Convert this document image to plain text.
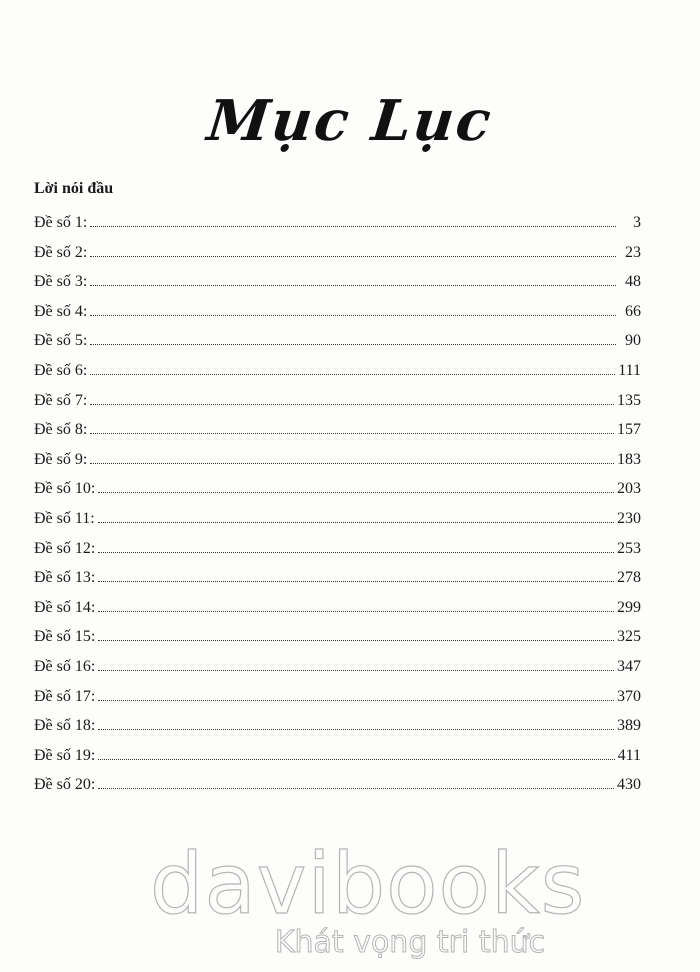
Mục Lục
Lời nói đầu
Đề số 1:	3
Đề số 2:	23
Đề số 3:	48
Đề số 4:	66
Đề số 5:	90
Đề số 6:	111
Đề số 7:	135
Đề số 8:	157
Đề số 9:	183
Đề số 10:	203
Đề số 11:	230
Đề số 12:	253
Đề số 13:	278
Đề số 14:	299
Đề số 15:	325
Đề số 16:	347
Đề số 17:	370
Đề số 18:	389
Đề số 19:	411
Đề số 20:	430
davibooks
Khát vọng tri thức
